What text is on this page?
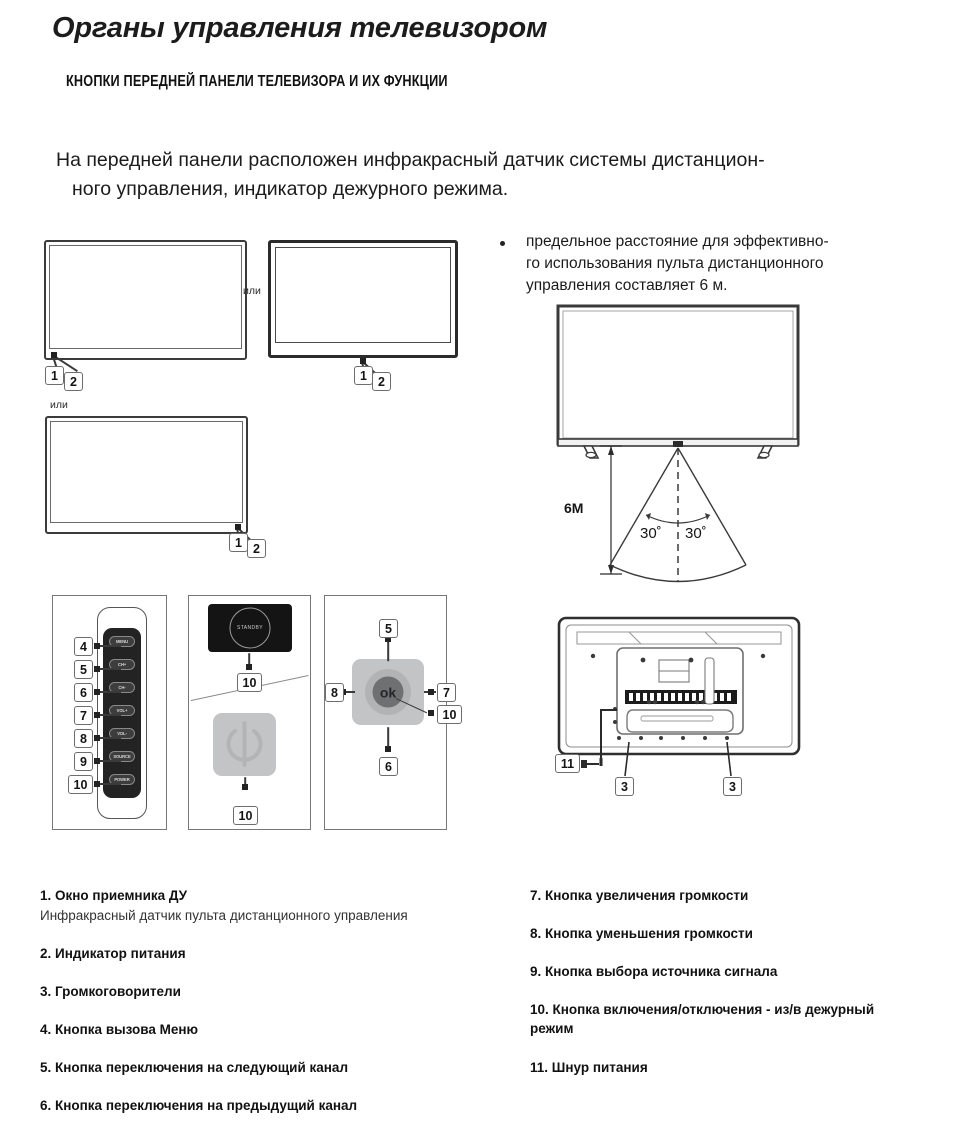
Органы управления телевизором
КНОПКИ ПЕРЕДНЕЙ ПАНЕЛИ ТЕЛЕВИЗОРА И ИХ ФУНКЦИИ
На передней панели расположен инфракрасный датчик системы дистанцион-
ного управления, индикатор дежурного режима.
1 2
или
1 2
или
1 2
предельное расстояние для эффективно-
го использования пульта дистанционного
управления составляет 6 м.
6M
30˚ 30˚
MENU
CH+
CH-
VOL+
VOL-
SOURCE
POWER
4
5
6
7
8
9
10
STANDBY
10
10
ok
5
8	7
6
10
11
3	3
1. Окно приемника ДУ
Инфракрасный датчик пульта дистанционного управления
2. Индикатор питания
3. Громкоговорители
4. Кнопка вызова Меню
5. Кнопка переключения на следующий канал
6. Кнопка переключения на предыдущий канал
7. Кнопка увеличения громкости
8. Кнопка уменьшения громкости
9. Кнопка выбора источника сигнала
10. Кнопка включения/отключения - из/в дежурный режим
11. Шнур питания
